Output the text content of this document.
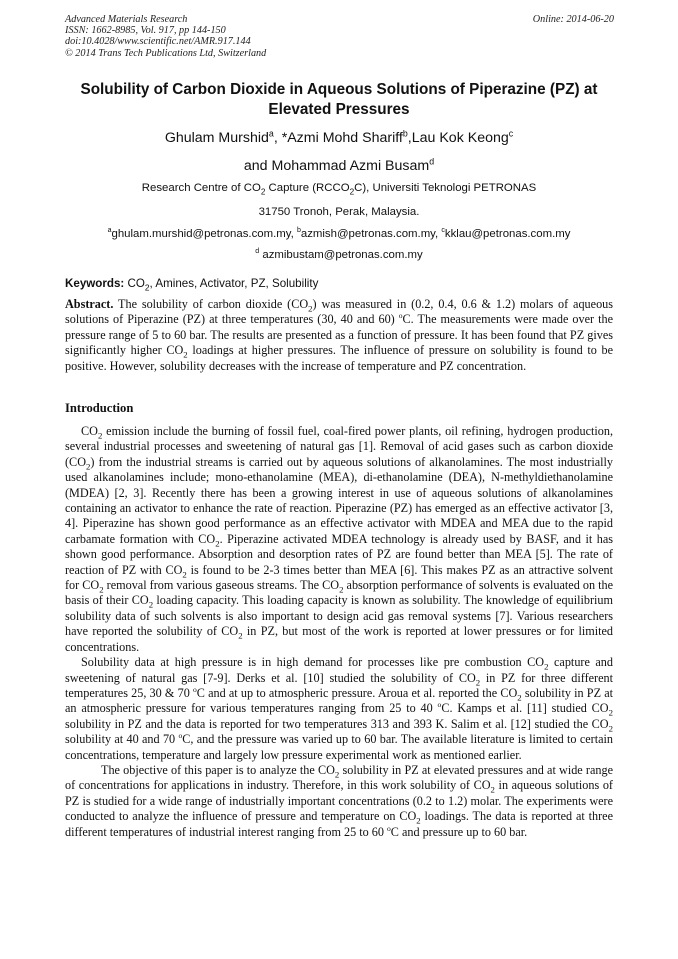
Advanced Materials Research
ISSN: 1662-8985, Vol. 917, pp 144-150
doi:10.4028/www.scientific.net/AMR.917.144
© 2014 Trans Tech Publications Ltd, Switzerland
Online: 2014-06-20
Solubility of Carbon Dioxide in Aqueous Solutions of Piperazine (PZ) at Elevated Pressures
Ghulam Murshid$^a$, *Azmi Mohd Shariff$^b$,Lau Kok Keong$^c$
and Mohammad Azmi Busam$^d$
Research Centre of $CO_2$ Capture $(RCCO_2C)$, Universiti Teknologi PETRONAS
31750 Tronoh, Perak, Malaysia.
$^a$ghulam.murshid@petronas.com.my, $^b$azmish@petronas.com.my, $^c$kklau@petronas.com.my
$^d$ azmibustam@petronas.com.my
Keywords: $CO_2$, Amines, Activator, PZ, Solubility

Abstract. The solubility of carbon dioxide $(CO_2)$ was measured in (0.2, 0.4, 0.6 & 1.2) molars of aqueous solutions of Piperazine (PZ) at three temperatures (30, 40 and 60) $^o$C. The measurements were made over the pressure range of 5 to 60 bar. The results are presented as a function of pressure. It has been found that PZ gives significantly higher $CO_2$ loadings at higher pressures. The influence of pressure on solubility is found to be positive. However, solubility decreases with the increase of temperature and PZ concentration.

Introduction

$CO_2$ emission include the burning of fossil fuel, coal-fired power plants, oil refining, hydrogen production, several industrial processes and sweetening of natural gas [1]. Removal of acid gases such as carbon dioxide $(CO_2)$ from the industrial streams is carried out by aqueous solutions of alkanolamines. The most industrially used alkanolamines include; mono-ethanolamine (MEA), di-ethanolamine (DEA), N-methyldiethanolamine (MDEA) [2, 3]. Recently there has been a growing interest in use of aqueous solutions of alkanolamines containing an activator to enhance the rate of reaction. Piperazine (PZ) has emerged as an effective activator [3, 4]. Piperazine has shown good performance as an effective activator with MDEA and MEA due to the rapid carbamate formation with $CO_2$. Piperazine activated MDEA technology is already used by BASF, and it has shown good performance. Absorption and desorption rates of PZ are found better than MEA [5]. The rate of reaction of PZ with $CO_2$ is found to be 2-3 times better than MEA [6]. This makes PZ as an attractive solvent for $CO_2$ removal from various gaseous streams. The $CO_2$ absorption performance of solvents is evaluated on the basis of their $CO_2$ loading capacity. This loading capacity is known as solubility. The knowledge of equilibrium solubility data of such solvents is also important to design acid gas removal systems [7]. Various researchers have reported the solubility of $CO_2$ in PZ, but most of the work is reported at lower pressures or for limited concentrations.

Solubility data at high pressure is in high demand for processes like pre combustion $CO_2$ capture and sweetening of natural gas [7-9]. Derks et al. [10] studied the solubility of $CO_2$ in PZ for three different temperatures 25, 30 & 70 $^o$C and at up to atmospheric pressure. Aroua et al. reported the $CO_2$ solubility in PZ at an atmospheric pressure for various temperatures ranging from 25 to 40 $^o$C. Kamps et al. [11] studied $CO_2$ solubility in PZ and the data is reported for two temperatures 313 and 393 K. Salim et al. [12] studied the $CO_2$ solubility at 40 and 70 $^o$C, and the pressure was varied up to 60 bar. The available literature is limited to certain concentrations, temperature and largely low pressure experimental work as mentioned earlier.

The objective of this paper is to analyze the $CO_2$ solubility in PZ at elevated pressures and at wide range of concentrations for applications in industry. Therefore, in this work solubility of $CO_2$ in aqueous solutions of PZ is studied for a wide range of industrially important concentrations (0.2 to 1.2) molar. The experiments were conducted to analyze the influence of pressure and temperature on $CO_2$ loadings. The data is reported at three different temperatures of industrial interest ranging from 25 to 60 $^o$C and pressure up to 60 bar.
